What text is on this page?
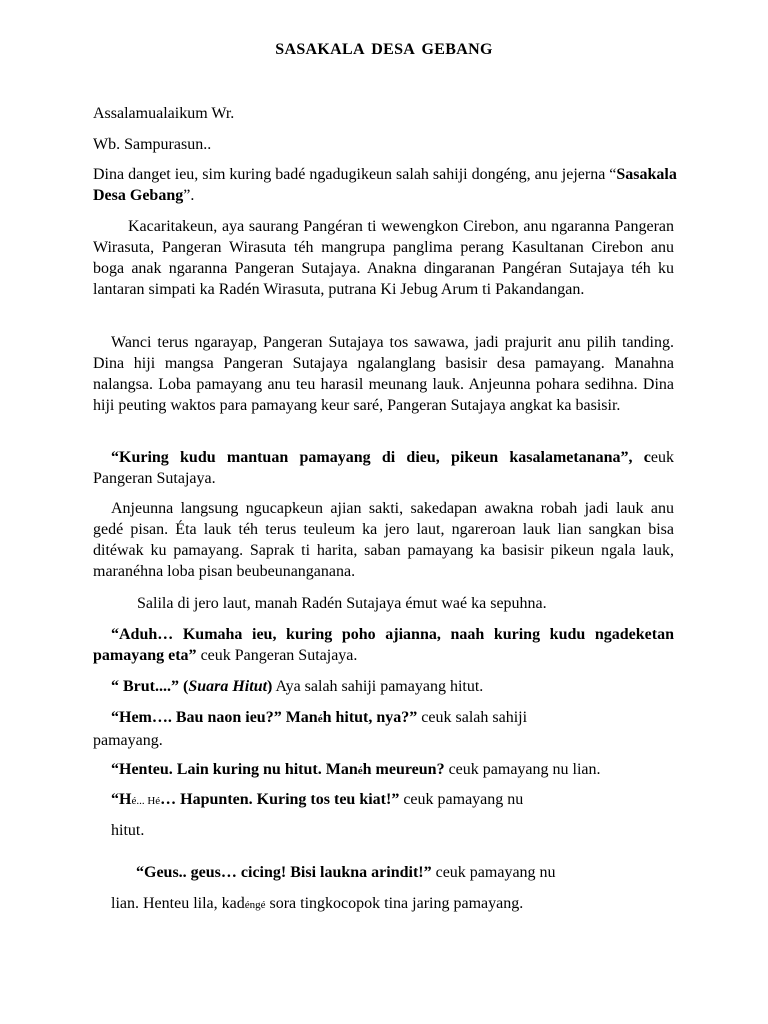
SASAKALA DESA GEBANG

Assalamualaikum Wr.

Wb. Sampurasun..

Dina danget ieu, sim kuring badé ngadugikeun salah sahiji dongéng, anu jejerna “Sasakala Desa Gebang”.

Kacaritakeun, aya saurang Pangéran ti wewengkon Cirebon, anu ngaranna Pangeran Wirasuta, Pangeran Wirasuta téh mangrupa panglima perang Kasultanan Cirebon anu boga anak ngaranna Pangeran Sutajaya. Anakna dingaranan Pangéran Sutajaya téh ku lantaran simpati ka Radén Wirasuta, putrana Ki Jebug Arum ti Pakandangan.

Wanci terus ngarayap, Pangeran Sutajaya tos sawawa, jadi prajurit anu pilih tanding. Dina hiji mangsa Pangeran Sutajaya ngalanglang basisir desa pamayang. Manahna nalangsa. Loba pamayang anu teu harasil meunang lauk. Anjeunna pohara sedihna. Dina hiji peuting waktos para pamayang keur saré, Pangeran Sutajaya angkat ka basisir.

“Kuring kudu mantuan pamayang di dieu, pikeun kasalametanana”, ceuk Pangeran Sutajaya.

Anjeunna langsung ngucapkeun ajian sakti, sakedapan awakna robah jadi lauk anu gedé pisan. Éta lauk téh terus teuleum ka jero laut, ngareroan lauk lian sangkan bisa ditéwak ku pamayang. Saprak ti harita, saban pamayang ka basisir pikeun ngala lauk, maranéhna loba pisan beubeunanganana.

Salila di jero laut, manah Radén Sutajaya émut waé ka sepuhna.

“Aduh… Kumaha ieu, kuring poho ajianna, naah kuring kudu ngadeketan pamayang eta” ceuk Pangeran Sutajaya.

“ Brut....” (Suara Hitut) Aya salah sahiji pamayang hitut.

“Hem…. Bau naon ieu?” Manéh hitut, nya?” ceuk salah sahiji
pamayang.

“Henteu. Lain kuring nu hitut. Manéh meureun? ceuk pamayang nu lian.

“Hé... Hé… Hapunten. Kuring tos teu kiat!” ceuk pamayang nu

hitut.

“Geus.. geus… cicing! Bisi laukna arindit!” ceuk pamayang nu

lian. Henteu lila, kadéngé sora tingkocopok tina jaring pamayang.
